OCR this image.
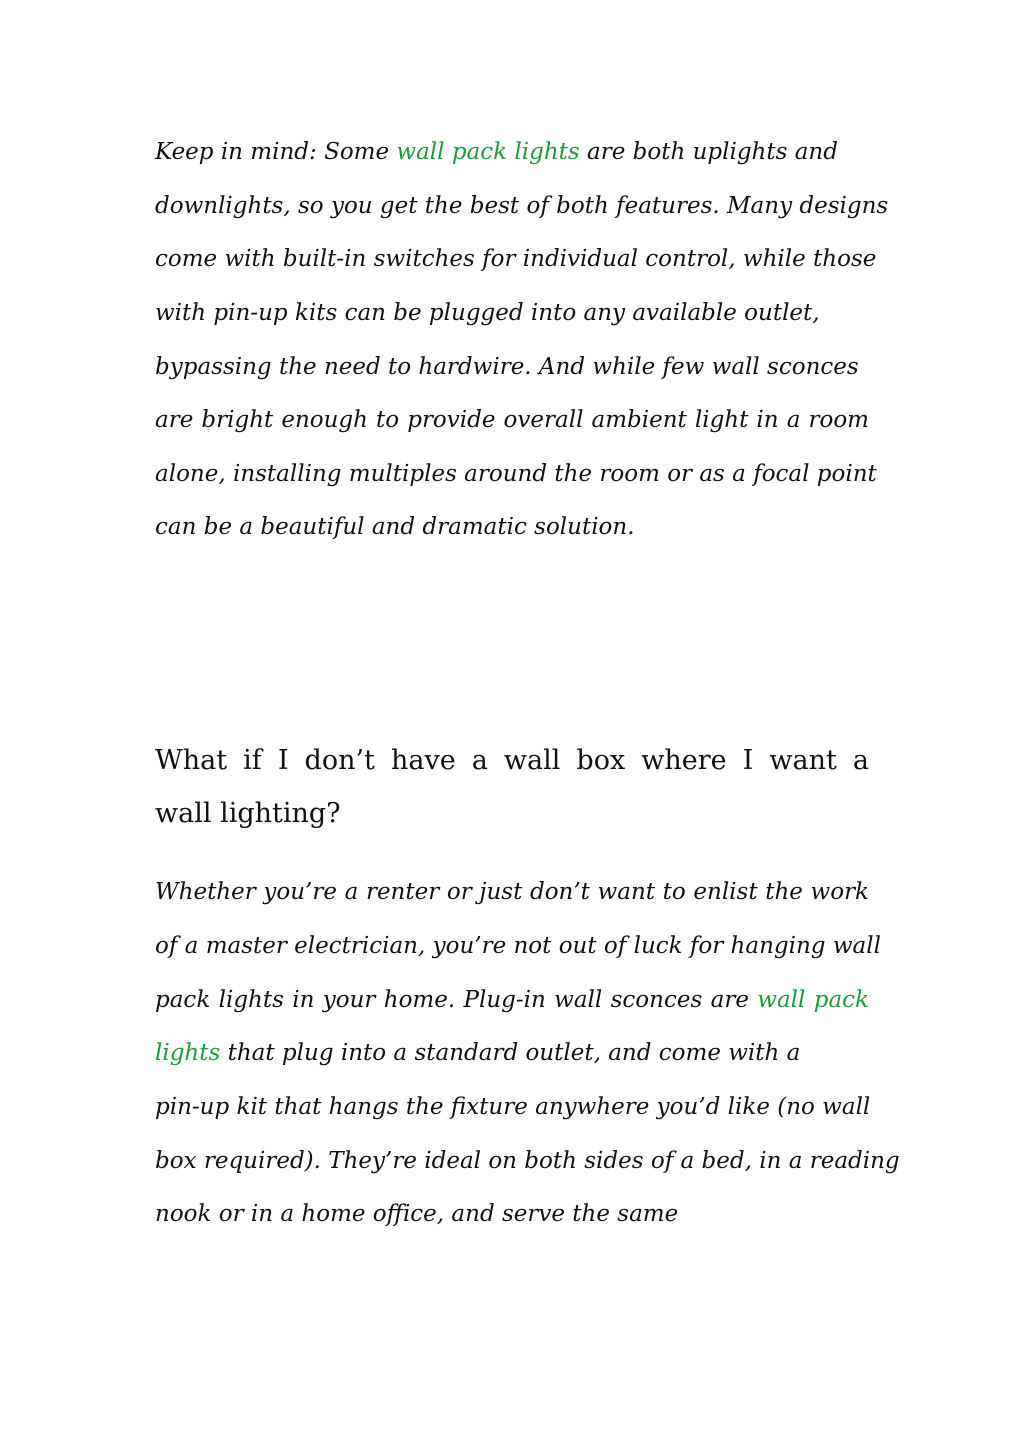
Keep in mind: Some wall pack lights are both uplights and
downlights, so you get the best of both features. Many designs
come with built-in switches for individual control, while those
with pin-up kits can be plugged into any available outlet,
bypassing the need to hardwire. And while few wall sconces
are bright enough to provide overall ambient light in a room
alone, installing multiples around the room or as a focal point
can be a beautiful and dramatic solution.
What if I don’t have a wall box where I want a
wall lighting?
Whether you’re a renter or just don’t want to enlist the work
of a master electrician, you’re not out of luck for hanging wall
pack lights in your home. Plug-in wall sconces are wall pack
lights that plug into a standard outlet, and come with a
pin-up kit that hangs the fixture anywhere you’d like (no wall
box required). They’re ideal on both sides of a bed, in a reading
nook or in a home office, and serve the same
